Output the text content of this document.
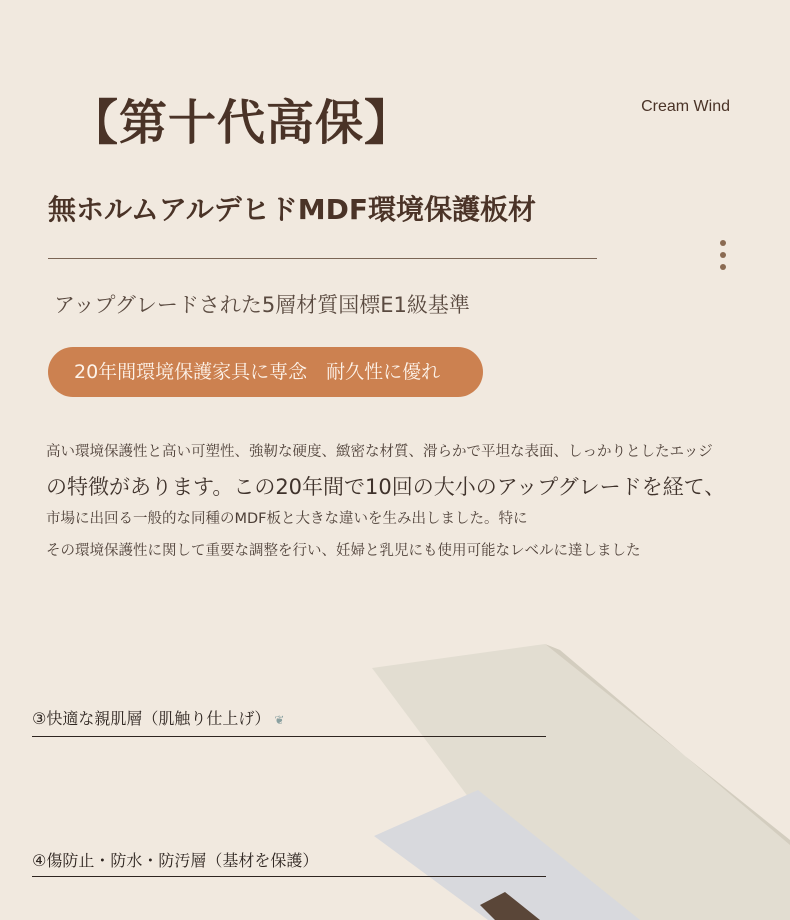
【第十代高保】	Cream Wind
無ホルムアルデヒドMDF環境保護板材
アップグレードされた5層材質国標E1級基準
20年間環境保護家具に専念　耐久性に優れ
高い環境保護性と高い可塑性、強靭な硬度、緻密な材質、滑らかで平坦な表面、しっかりとしたエッジ
の特徴があります。この20年間で10回の大小のアップグレードを経て、
市場に出回る一般的な同種のMDF板と大きな違いを生み出しました。特に
その環境保護性に関して重要な調整を行い、妊婦と乳児にも使用可能なレベルに達しました
③快適な親肌層（肌触り仕上げ） ❦
④傷防止・防水・防汚層（基材を保護）
